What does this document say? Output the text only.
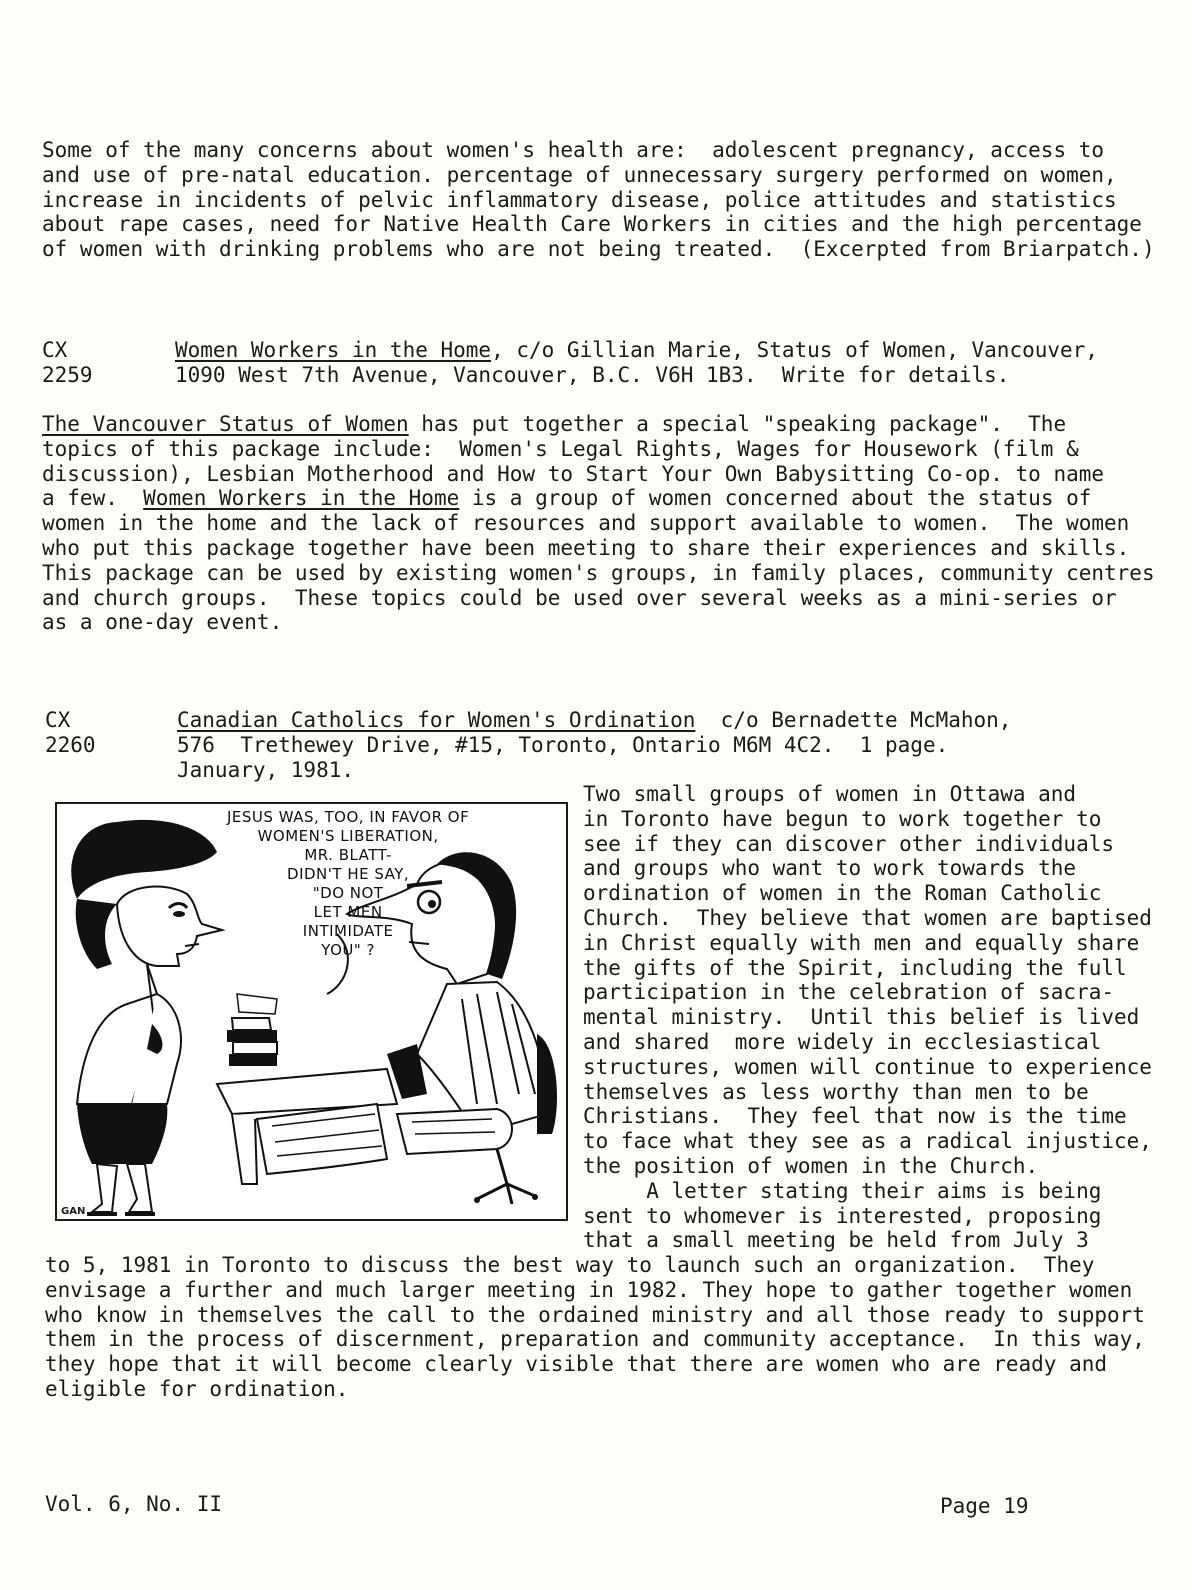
Some of the many concerns about women's health are:  adolescent pregnancy, access to
and use of pre-natal education. percentage of unnecessary surgery performed on women,
increase in incidents of pelvic inflammatory disease, police attitudes and statistics
about rape cases, need for Native Health Care Workers in cities and the high percentage
of women with drinking problems who are not being treated.  (Excerpted from Briarpatch.)
CX
2259
Women Workers in the Home, c/o Gillian Marie, Status of Women, Vancouver,
1090 West 7th Avenue, Vancouver, B.C. V6H 1B3.  Write for details.
The Vancouver Status of Women has put together a special "speaking package".  The
topics of this package include:  Women's Legal Rights, Wages for Housework (film &
discussion), Lesbian Motherhood and How to Start Your Own Babysitting Co-op. to name
a few.  Women Workers in the Home is a group of women concerned about the status of
women in the home and the lack of resources and support available to women.  The women
who put this package together have been meeting to share their experiences and skills.
This package can be used by existing women's groups, in family places, community centres
and church groups.  These topics could be used over several weeks as a mini-series or
as a one-day event.
CX
2260
Canadian Catholics for Women's Ordination  c/o Bernadette McMahon,
576  Trethewey Drive, #15, Toronto, Ontario M6M 4C2.  1 page.
January, 1981.
JESUS WAS, TOO, IN FAVOR OF
WOMEN'S LIBERATION,
MR. BLATT-
DIDN'T HE SAY,
"DO NOT
LET MEN
INTIMIDATE
YOU" ?
GAN
Two small groups of women in Ottawa and
in Toronto have begun to work together to
see if they can discover other individuals
and groups who want to work towards the
ordination of women in the Roman Catholic
Church.  They believe that women are baptised
in Christ equally with men and equally share
the gifts of the Spirit, including the full
participation in the celebration of sacra-
mental ministry.  Until this belief is lived
and shared  more widely in ecclesiastical
structures, women will continue to experience
themselves as less worthy than men to be
Christians.  They feel that now is the time
to face what they see as a radical injustice,
the position of women in the Church.
A letter stating their aims is being
sent to whomever is interested, proposing
that a small meeting be held from July 3
to 5, 1981 in Toronto to discuss the best way to launch such an organization.  They
envisage a further and much larger meeting in 1982. They hope to gather together women
who know in themselves the call to the ordained ministry and all those ready to support
them in the process of discernment, preparation and community acceptance.  In this way,
they hope that it will become clearly visible that there are women who are ready and
eligible for ordination.
Vol. 6, No. II	Page 19
